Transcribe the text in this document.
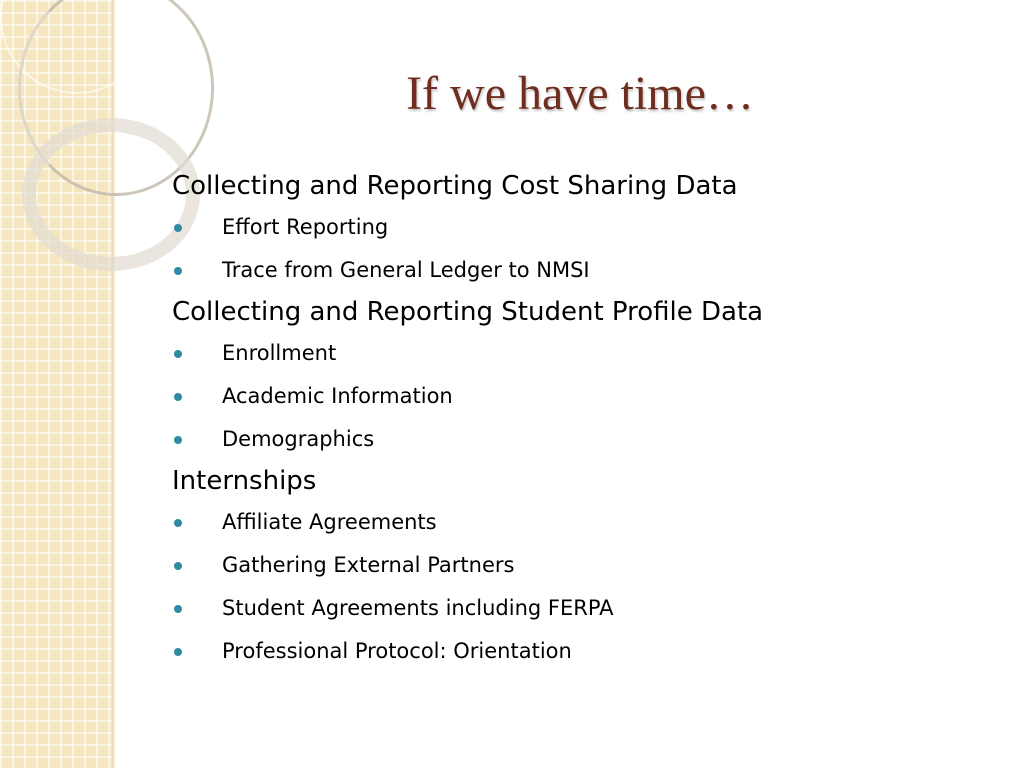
If we have time…
Collecting and Reporting Cost Sharing Data
Effort Reporting
Trace from General Ledger to NMSI
Collecting and Reporting Student Profile Data
Enrollment
Academic Information
Demographics
Internships
Affiliate Agreements
Gathering External Partners
Student Agreements including FERPA
Professional Protocol: Orientation
